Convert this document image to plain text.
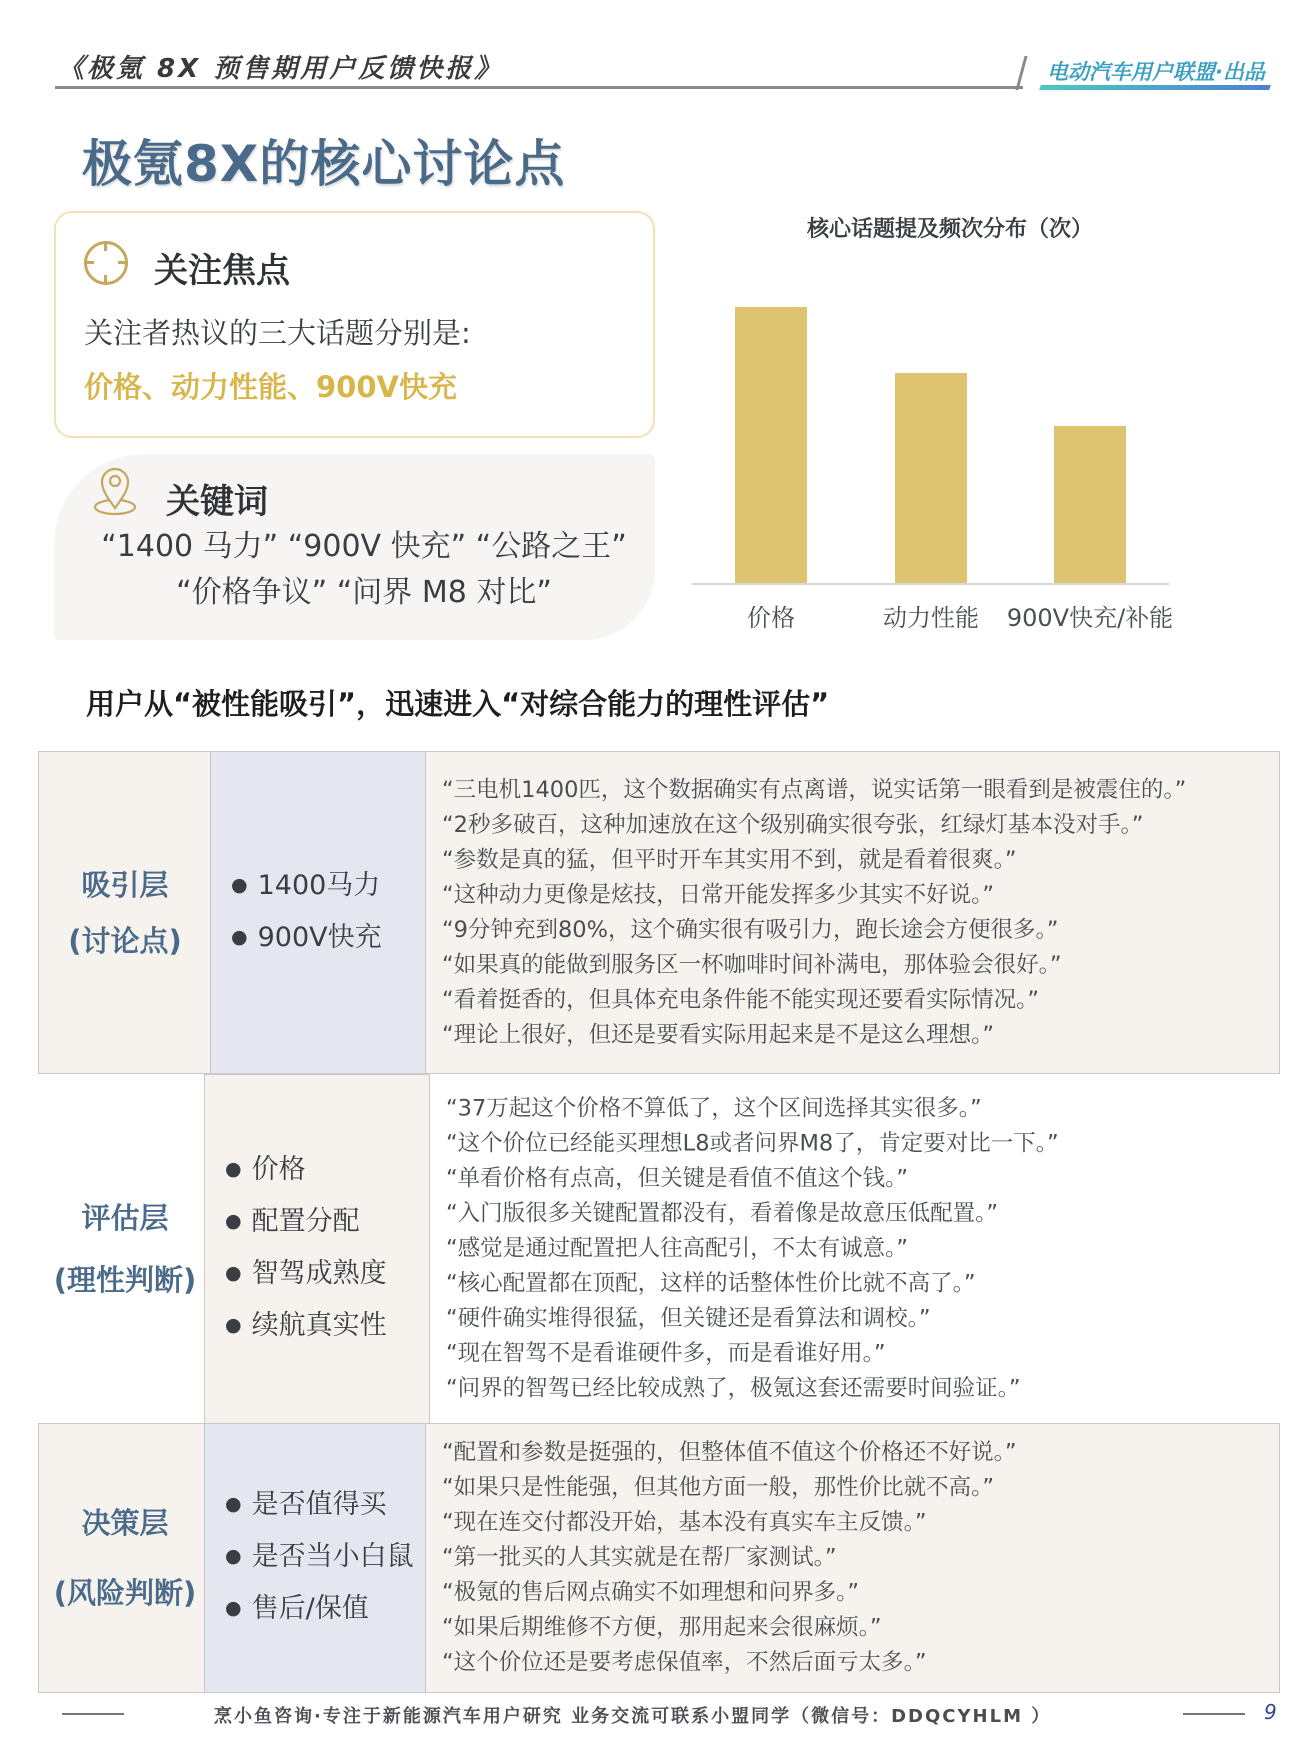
《极氪 8X 预售期用户反馈快报》	电动汽车用户联盟·出品
极氪8X的核心讨论点
关注焦点
关注者热议的三大话题分别是:
价格、动力性能、900V快充
关键词
“1400 马力” “900V 快充” “公路之王” “价格争议” “问界 M8 对比”
核心话题提及频次分布（次）
价格	动力性能	900V快充/补能
用户从“被性能吸引”，迅速进入“对综合能力的理性评估”
吸引层
(讨论点)
● 1400马力
● 900V快充
“三电机1400匹，这个数据确实有点离谱，说实话第一眼看到是被震住的。”
“2秒多破百，这种加速放在这个级别确实很夸张，红绿灯基本没对手。”
“参数是真的猛，但平时开车其实用不到，就是看着很爽。”
“这种动力更像是炫技，日常开能发挥多少其实不好说。”
“9分钟充到80%，这个确实很有吸引力，跑长途会方便很多。”
“如果真的能做到服务区一杯咖啡时间补满电，那体验会很好。”
“看着挺香的，但具体充电条件能不能实现还要看实际情况。”
“理论上很好，但还是要看实际用起来是不是这么理想。”
评估层
(理性判断)
● 价格
● 配置分配
● 智驾成熟度
● 续航真实性
“37万起这个价格不算低了，这个区间选择其实很多。”
“这个价位已经能买理想L8或者问界M8了，肯定要对比一下。”
“单看价格有点高，但关键是看值不值这个钱。”
“入门版很多关键配置都没有，看着像是故意压低配置。”
“感觉是通过配置把人往高配引，不太有诚意。”
“核心配置都在顶配，这样的话整体性价比就不高了。”
“硬件确实堆得很猛，但关键还是看算法和调校。”
“现在智驾不是看谁硬件多，而是看谁好用。”
“问界的智驾已经比较成熟了，极氪这套还需要时间验证。”
决策层
(风险判断)
● 是否值得买
● 是否当小白鼠
● 售后/保值
“配置和参数是挺强的，但整体值不值这个价格还不好说。”
“如果只是性能强，但其他方面一般，那性价比就不高。”
“现在连交付都没开始，基本没有真实车主反馈。”
“第一批买的人其实就是在帮厂家测试。”
“极氪的售后网点确实不如理想和问界多。”
“如果后期维修不方便，那用起来会很麻烦。”
“这个价位还是要考虑保值率，不然后面亏太多。”
烹小鱼咨询·专注于新能源汽车用户研究 业务交流可联系小盟同学（微信号：DDQCYHLM ）	9
